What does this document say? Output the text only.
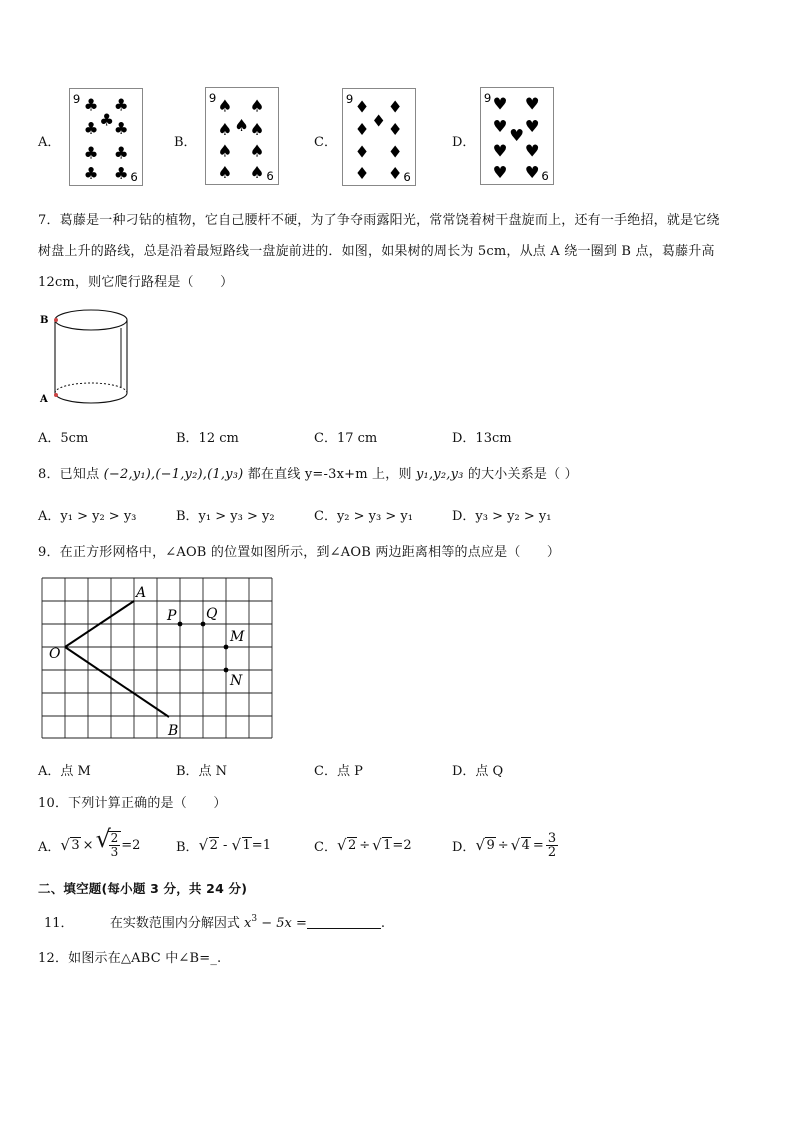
A．
9 ♣ ♣
♣ ♣
♣
♣ ♣
♣ ♣ 6
B．
9 ♠ ♠
♠ ♠
♠
♠ ♠
♠ ♠ 6
C．
9 ♦ ♦
♦ ♦
♦
♦ ♦
♦ ♦ 6
D．
9 ♥ ♥
♥ ♥
♥
♥ ♥
♥ ♥ 6
7．葛藤是一种刁钻的植物，它自己腰杆不硬，为了争夺雨露阳光，常常饶着树干盘旋而上，还有一手绝招，就是它绕
树盘上升的路线，总是沿着最短路线一盘旋前进的．如图，如果树的周长为 5cm，从点 A 绕一圈到 B 点，葛藤升高
12cm，则它爬行路程是（　　）
B
A
A．5cm	B．12 cm	C．17 cm	D．13cm
8．已知点 (−2,y₁),(−1,y₂),(1,y₃) 都在直线 y=-3x+m 上，则 y₁,y₂,y₃ 的大小关系是（ ）
A．y₁ > y₂ > y₃	B．y₁ > y₃ > y₂	C．y₂ > y₃ > y₁	D．y₃ > y₂ > y₁
9．在正方形网格中，∠AOB 的位置如图所示，到∠AOB 两边距离相等的点应是（　　）
A
B
O
P Q
M
N
A．点 M	B．点 N	C．点 P	D．点 Q
10．下列计算正确的是（　　）
A． √ 3 × √
$\frac{2}{3} =2$	B． √ 2 - √ 1 =1	C． √ 2 ÷ √ 1 =2	D． √ 9 ÷ √ $4 = \frac{3}{2}$
二、填空题(每小题 3 分，共 24 分)
11．	在实数范围内分解因式 $x^3 - 5x$ =	.
12．如图示在△ABC 中∠B=_.
